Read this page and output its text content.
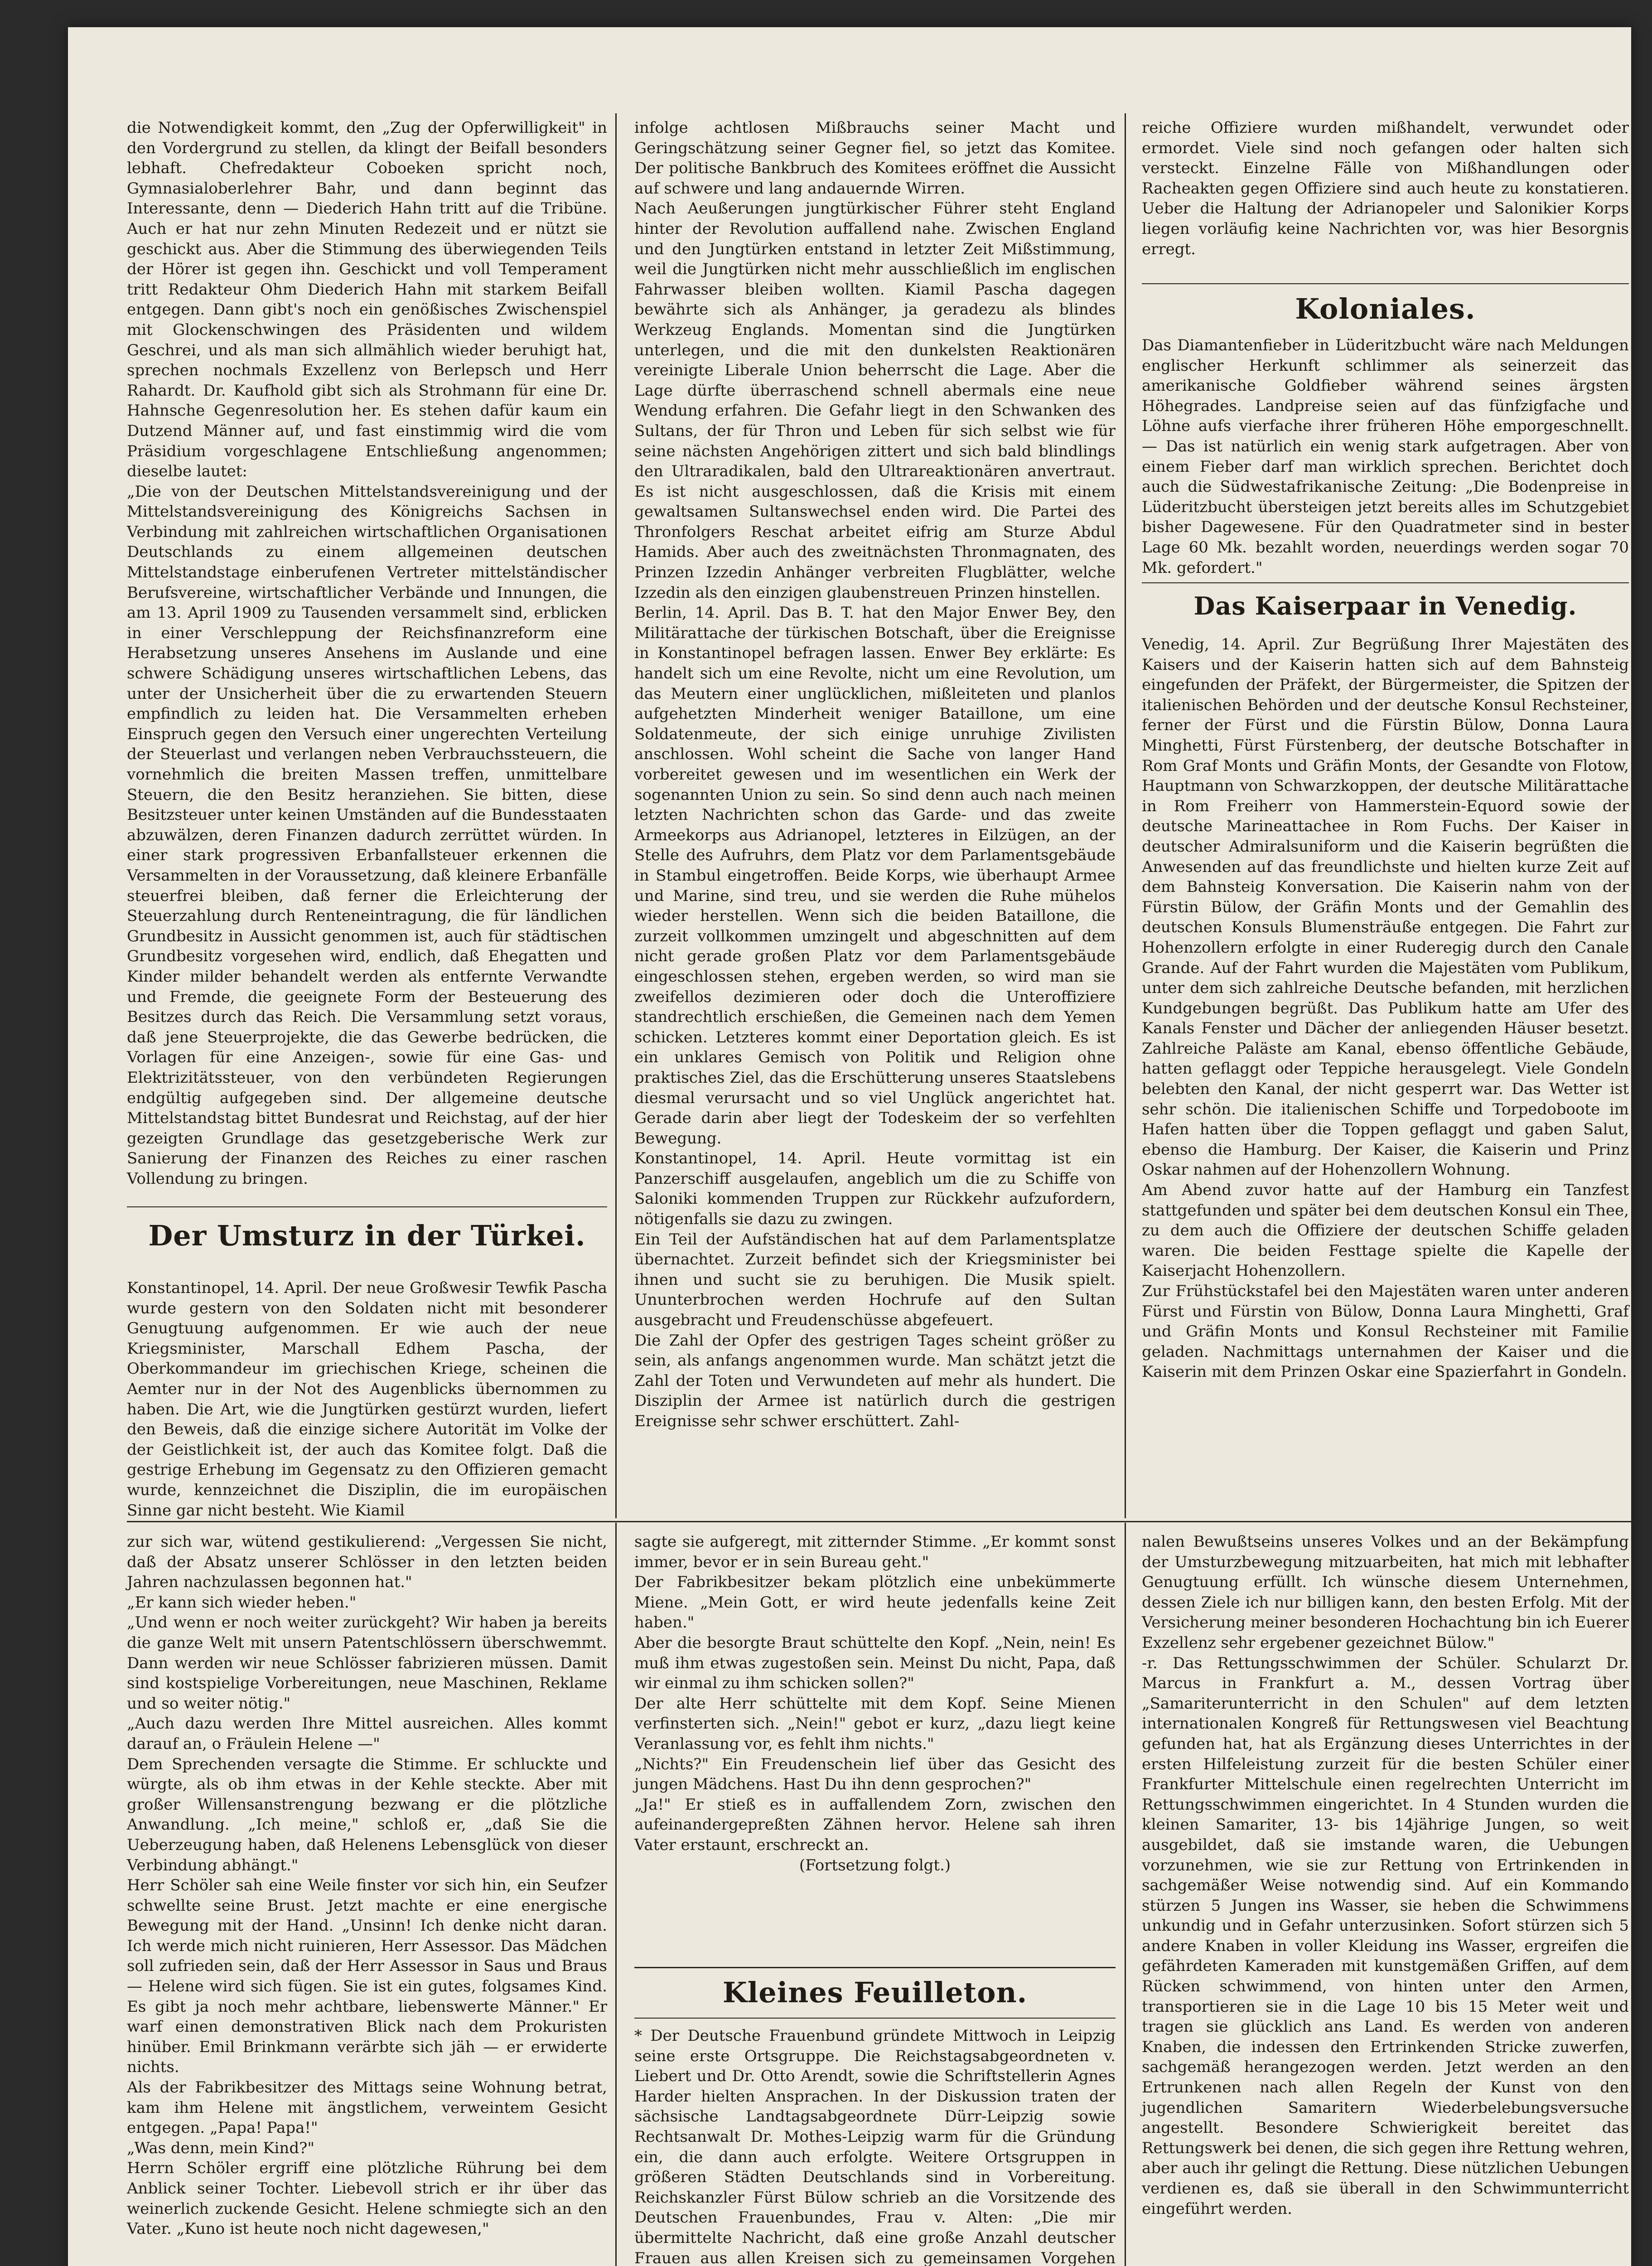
die Notwendigkeit kommt, den „Zug der Opferwilligkeit" in den Vordergrund zu stellen, da klingt der Beifall besonders lebhaft. Chefredakteur Coboeken spricht noch, Gymnasialoberlehrer Bahr, und dann beginnt das Interessante, denn — Diederich Hahn tritt auf die Tribüne. Auch er hat nur zehn Minuten Redezeit und er nützt sie geschickt aus. Aber die Stimmung des überwiegenden Teils der Hörer ist gegen ihn. Geschickt und voll Temperament tritt Redakteur Ohm Diederich Hahn mit starkem Beifall entgegen. Dann gibt's noch ein genößisches Zwischenspiel mit Glockenschwingen des Präsidenten und wildem Geschrei, und als man sich allmählich wieder beruhigt hat, sprechen nochmals Exzellenz von Berlepsch und Herr Rahardt. Dr. Kaufhold gibt sich als Strohmann für eine Dr. Hahnsche Gegenresolution her. Es stehen dafür kaum ein Dutzend Männer auf, und fast einstimmig wird die vom Präsidium vorgeschlagene Entschließung angenommen; dieselbe lautet:
„Die von der Deutschen Mittelstandsvereinigung und der Mittelstandsvereinigung des Königreichs Sachsen in Verbindung mit zahlreichen wirtschaftlichen Organisationen Deutschlands zu einem allgemeinen deutschen Mittelstandstage einberufenen Vertreter mittelständischer Berufsvereine, wirtschaftlicher Verbände und Innungen, die am 13. April 1909 zu Tausenden versammelt sind, erblicken in einer Verschleppung der Reichsfinanzreform eine Herabsetzung unseres Ansehens im Auslande und eine schwere Schädigung unseres wirtschaftlichen Lebens, das unter der Unsicherheit über die zu erwartenden Steuern empfindlich zu leiden hat. Die Versammelten erheben Einspruch gegen den Versuch einer ungerechten Verteilung der Steuerlast und verlangen neben Verbrauchssteuern, die vornehmlich die breiten Massen treffen, unmittelbare Steuern, die den Besitz heranziehen. Sie bitten, diese Besitzsteuer unter keinen Umständen auf die Bundesstaaten abzuwälzen, deren Finanzen dadurch zerrüttet würden. In einer stark progressiven Erbanfallsteuer erkennen die Versammelten in der Voraussetzung, daß kleinere Erbanfälle steuerfrei bleiben, daß ferner die Erleichterung der Steuerzahlung durch Renteneintragung, die für ländlichen Grundbesitz in Aussicht genommen ist, auch für städtischen Grundbesitz vorgesehen wird, endlich, daß Ehegatten und Kinder milder behandelt werden als entfernte Verwandte und Fremde, die geeignete Form der Besteuerung des Besitzes durch das Reich. Die Versammlung setzt voraus, daß jene Steuerprojekte, die das Gewerbe bedrücken, die Vorlagen für eine Anzeigen-, sowie für eine Gas- und Elektrizitätssteuer, von den verbündeten Regierungen endgültig aufgegeben sind. Der allgemeine deutsche Mittelstandstag bittet Bundesrat und Reichstag, auf der hier gezeigten Grundlage das gesetzgeberische Werk zur Sanierung der Finanzen des Reiches zu einer raschen Vollendung zu bringen.

Der Umsturz in der Türkei.

Konstantinopel, 14. April. Der neue Großwesir Tewfik Pascha wurde gestern von den Soldaten nicht mit besonderer Genugtuung aufgenommen. Er wie auch der neue Kriegsminister, Marschall Edhem Pascha, der Oberkommandeur im griechischen Kriege, scheinen die Aemter nur in der Not des Augenblicks übernommen zu haben. Die Art, wie die Jungtürken gestürzt wurden, liefert den Beweis, daß die einzige sichere Autorität im Volke der der Geistlichkeit ist, der auch das Komitee folgt. Daß die gestrige Erhebung im Gegensatz zu den Offizieren gemacht wurde, kennzeichnet die Disziplin, die im europäischen Sinne gar nicht besteht. Wie Kiamil

infolge achtlosen Mißbrauchs seiner Macht und Geringschätzung seiner Gegner fiel, so jetzt das Komitee. Der politische Bankbruch des Komitees eröffnet die Aussicht auf schwere und lang andauernde Wirren.
Nach Aeußerungen jungtürkischer Führer steht England hinter der Revolution auffallend nahe. Zwischen England und den Jungtürken entstand in letzter Zeit Mißstimmung, weil die Jungtürken nicht mehr ausschließlich im englischen Fahrwasser bleiben wollten. Kiamil Pascha dagegen bewährte sich als Anhänger, ja geradezu als blindes Werkzeug Englands. Momentan sind die Jungtürken unterlegen, und die mit den dunkelsten Reaktionären vereinigte Liberale Union beherrscht die Lage. Aber die Lage dürfte überraschend schnell abermals eine neue Wendung erfahren. Die Gefahr liegt in den Schwanken des Sultans, der für Thron und Leben für sich selbst wie für seine nächsten Angehörigen zittert und sich bald blindlings den Ultraradikalen, bald den Ultrareaktionären anvertraut. Es ist nicht ausgeschlossen, daß die Krisis mit einem gewaltsamen Sultanswechsel enden wird. Die Partei des Thronfolgers Reschat arbeitet eifrig am Sturze Abdul Hamids. Aber auch des zweitnächsten Thronmagnaten, des Prinzen Izzedin Anhänger verbreiten Flugblätter, welche Izzedin als den einzigen glaubenstreuen Prinzen hinstellen.
Berlin, 14. April. Das B. T. hat den Major Enwer Bey, den Militärattache der türkischen Botschaft, über die Ereignisse in Konstantinopel befragen lassen. Enwer Bey erklärte: Es handelt sich um eine Revolte, nicht um eine Revolution, um das Meutern einer unglücklichen, mißleiteten und planlos aufgehetzten Minderheit weniger Bataillone, um eine Soldatenmeute, der sich einige unruhige Zivilisten anschlossen. Wohl scheint die Sache von langer Hand vorbereitet gewesen und im wesentlichen ein Werk der sogenannten Union zu sein. So sind denn auch nach meinen letzten Nachrichten schon das Garde- und das zweite Armeekorps aus Adrianopel, letzteres in Eilzügen, an der Stelle des Aufruhrs, dem Platz vor dem Parlamentsgebäude in Stambul eingetroffen. Beide Korps, wie überhaupt Armee und Marine, sind treu, und sie werden die Ruhe mühelos wieder herstellen. Wenn sich die beiden Bataillone, die zurzeit vollkommen umzingelt und abgeschnitten auf dem nicht gerade großen Platz vor dem Parlamentsgebäude eingeschlossen stehen, ergeben werden, so wird man sie zweifellos dezimieren oder doch die Unteroffiziere standrechtlich erschießen, die Gemeinen nach dem Yemen schicken. Letzteres kommt einer Deportation gleich. Es ist ein unklares Gemisch von Politik und Religion ohne praktisches Ziel, das die Erschütterung unseres Staatslebens diesmal verursacht und so viel Unglück angerichtet hat. Gerade darin aber liegt der Todeskeim der so verfehlten Bewegung.
Konstantinopel, 14. April. Heute vormittag ist ein Panzerschiff ausgelaufen, angeblich um die zu Schiffe von Saloniki kommenden Truppen zur Rückkehr aufzufordern, nötigenfalls sie dazu zu zwingen.
Ein Teil der Aufständischen hat auf dem Parlamentsplatze übernachtet. Zurzeit befindet sich der Kriegsminister bei ihnen und sucht sie zu beruhigen. Die Musik spielt. Ununterbrochen werden Hochrufe auf den Sultan ausgebracht und Freudenschüsse abgefeuert.
Die Zahl der Opfer des gestrigen Tages scheint größer zu sein, als anfangs angenommen wurde. Man schätzt jetzt die Zahl der Toten und Verwundeten auf mehr als hundert. Die Disziplin der Armee ist natürlich durch die gestrigen Ereignisse sehr schwer erschüttert. Zahl-

reiche Offiziere wurden mißhandelt, verwundet oder ermordet. Viele sind noch gefangen oder halten sich versteckt. Einzelne Fälle von Mißhandlungen oder Racheakten gegen Offiziere sind auch heute zu konstatieren. Ueber die Haltung der Adrianopeler und Salonikier Korps liegen vorläufig keine Nachrichten vor, was hier Besorgnis erregt.

Koloniales.

Das Diamantenfieber in Lüderitzbucht wäre nach Meldungen englischer Herkunft schlimmer als seinerzeit das amerikanische Goldfieber während seines ärgsten Höhegrades. Landpreise seien auf das fünfzigfache und Löhne aufs vierfache ihrer früheren Höhe emporgeschnellt. — Das ist natürlich ein wenig stark aufgetragen. Aber von einem Fieber darf man wirklich sprechen. Berichtet doch auch die Südwestafrikanische Zeitung: „Die Bodenpreise in Lüderitzbucht übersteigen jetzt bereits alles im Schutzgebiet bisher Dagewesene. Für den Quadratmeter sind in bester Lage 60 Mk. bezahlt worden, neuerdings werden sogar 70 Mk. gefordert."

Das Kaiserpaar in Venedig.

Venedig, 14. April. Zur Begrüßung Ihrer Majestäten des Kaisers und der Kaiserin hatten sich auf dem Bahnsteig eingefunden der Präfekt, der Bürgermeister, die Spitzen der italienischen Behörden und der deutsche Konsul Rechsteiner, ferner der Fürst und die Fürstin Bülow, Donna Laura Minghetti, Fürst Fürstenberg, der deutsche Botschafter in Rom Graf Monts und Gräfin Monts, der Gesandte von Flotow, Hauptmann von Schwarzkoppen, der deutsche Militärattache in Rom Freiherr von Hammerstein-Equord sowie der deutsche Marineattachee in Rom Fuchs. Der Kaiser in deutscher Admiralsuniform und die Kaiserin begrüßten die Anwesenden auf das freundlichste und hielten kurze Zeit auf dem Bahnsteig Konversation. Die Kaiserin nahm von der Fürstin Bülow, der Gräfin Monts und der Gemahlin des deutschen Konsuls Blumensträuße entgegen. Die Fahrt zur Hohenzollern erfolgte in einer Ruderegig durch den Canale Grande. Auf der Fahrt wurden die Majestäten vom Publikum, unter dem sich zahlreiche Deutsche befanden, mit herzlichen Kundgebungen begrüßt. Das Publikum hatte am Ufer des Kanals Fenster und Dächer der anliegenden Häuser besetzt. Zahlreiche Paläste am Kanal, ebenso öffentliche Gebäude, hatten geflaggt oder Teppiche herausgelegt. Viele Gondeln belebten den Kanal, der nicht gesperrt war. Das Wetter ist sehr schön. Die italienischen Schiffe und Torpedoboote im Hafen hatten über die Toppen geflaggt und gaben Salut, ebenso die Hamburg. Der Kaiser, die Kaiserin und Prinz Oskar nahmen auf der Hohenzollern Wohnung.
Am Abend zuvor hatte auf der Hamburg ein Tanzfest stattgefunden und später bei dem deutschen Konsul ein Thee, zu dem auch die Offiziere der deutschen Schiffe geladen waren. Die beiden Festtage spielte die Kapelle der Kaiserjacht Hohenzollern.
Zur Frühstückstafel bei den Majestäten waren unter anderen Fürst und Fürstin von Bülow, Donna Laura Minghetti, Graf und Gräfin Monts und Konsul Rechsteiner mit Familie geladen. Nachmittags unternahmen der Kaiser und die Kaiserin mit dem Prinzen Oskar eine Spazierfahrt in Gondeln.

zur sich war, wütend gestikulierend: „Vergessen Sie nicht, daß der Absatz unserer Schlösser in den letzten beiden Jahren nachzulassen begonnen hat."
„Er kann sich wieder heben."
„Und wenn er noch weiter zurückgeht? Wir haben ja bereits die ganze Welt mit unsern Patentschlössern überschwemmt. Dann werden wir neue Schlösser fabrizieren müssen. Damit sind kostspielige Vorbereitungen, neue Maschinen, Reklame und so weiter nötig."
„Auch dazu werden Ihre Mittel ausreichen. Alles kommt darauf an, o Fräulein Helene —"
Dem Sprechenden versagte die Stimme. Er schluckte und würgte, als ob ihm etwas in der Kehle steckte. Aber mit großer Willensanstrengung bezwang er die plötzliche Anwandlung. „Ich meine," schloß er, „daß Sie die Ueberzeugung haben, daß Helenens Lebensglück von dieser Verbindung abhängt."
Herr Schöler sah eine Weile finster vor sich hin, ein Seufzer schwellte seine Brust. Jetzt machte er eine energische Bewegung mit der Hand. „Unsinn! Ich denke nicht daran. Ich werde mich nicht ruinieren, Herr Assessor. Das Mädchen soll zufrieden sein, daß der Herr Assessor in Saus und Braus — Helene wird sich fügen. Sie ist ein gutes, folgsames Kind. Es gibt ja noch mehr achtbare, liebenswerte Männer." Er warf einen demonstrativen Blick nach dem Prokuristen hinüber. Emil Brinkmann verärbte sich jäh — er erwiderte nichts.
Als der Fabrikbesitzer des Mittags seine Wohnung betrat, kam ihm Helene mit ängstlichem, verweintem Gesicht entgegen. „Papa! Papa!"
„Was denn, mein Kind?"
Herrn Schöler ergriff eine plötzliche Rührung bei dem Anblick seiner Tochter. Liebevoll strich er ihr über das weinerlich zuckende Gesicht. Helene schmiegte sich an den Vater. „Kuno ist heute noch nicht dagewesen,"

sagte sie aufgeregt, mit zitternder Stimme. „Er kommt sonst immer, bevor er in sein Bureau geht."
Der Fabrikbesitzer bekam plötzlich eine unbekümmerte Miene. „Mein Gott, er wird heute jedenfalls keine Zeit haben."
Aber die besorgte Braut schüttelte den Kopf. „Nein, nein! Es muß ihm etwas zugestoßen sein. Meinst Du nicht, Papa, daß wir einmal zu ihm schicken sollen?"
Der alte Herr schüttelte mit dem Kopf. Seine Mienen verfinsterten sich. „Nein!" gebot er kurz, „dazu liegt keine Veranlassung vor, es fehlt ihm nichts."
„Nichts?" Ein Freudenschein lief über das Gesicht des jungen Mädchens. Hast Du ihn denn gesprochen?"
„Ja!" Er stieß es in auffallendem Zorn, zwischen den aufeinandergepreßten Zähnen hervor. Helene sah ihren Vater erstaunt, erschreckt an.

(Fortsetzung folgt.)

Kleines Feuilleton.

* Der Deutsche Frauenbund gründete Mittwoch in Leipzig seine erste Ortsgruppe. Die Reichstagsabgeordneten v. Liebert und Dr. Otto Arendt, sowie die Schriftstellerin Agnes Harder hielten Ansprachen. In der Diskussion traten der sächsische Landtagsabgeordnete Dürr-Leipzig sowie Rechtsanwalt Dr. Mothes-Leipzig warm für die Gründung ein, die dann auch erfolgte. Weitere Ortsgruppen in größeren Städten Deutschlands sind in Vorbereitung. Reichskanzler Fürst Bülow schrieb an die Vorsitzende des Deutschen Frauenbundes, Frau v. Alten: „Die mir übermittelte Nachricht, daß eine große Anzahl deutscher Frauen aus allen Kreisen sich zu gemeinsamen Vorgehen

nalen Bewußtseins unseres Volkes und an der Bekämpfung der Umsturzbewegung mitzuarbeiten, hat mich mit lebhafter Genugtuung erfüllt. Ich wünsche diesem Unternehmen, dessen Ziele ich nur billigen kann, den besten Erfolg. Mit der Versicherung meiner besonderen Hochachtung bin ich Euerer Exzellenz sehr ergebener gezeichnet Bülow."
-r. Das Rettungsschwimmen der Schüler. Schularzt Dr. Marcus in Frankfurt a. M., dessen Vortrag über „Samariterunterricht in den Schulen" auf dem letzten internationalen Kongreß für Rettungswesen viel Beachtung gefunden hat, hat als Ergänzung dieses Unterrichtes in der ersten Hilfeleistung zurzeit für die besten Schüler einer Frankfurter Mittelschule einen regelrechten Unterricht im Rettungsschwimmen eingerichtet. In 4 Stunden wurden die kleinen Samariter, 13- bis 14jährige Jungen, so weit ausgebildet, daß sie imstande waren, die Uebungen vorzunehmen, wie sie zur Rettung von Ertrinkenden in sachgemäßer Weise notwendig sind. Auf ein Kommando stürzen 5 Jungen ins Wasser, sie heben die Schwimmens unkundig und in Gefahr unterzusinken. Sofort stürzen sich 5 andere Knaben in voller Kleidung ins Wasser, ergreifen die gefährdeten Kameraden mit kunstgemäßen Griffen, auf dem Rücken schwimmend, von hinten unter den Armen, transportieren sie in die Lage 10 bis 15 Meter weit und tragen sie glücklich ans Land. Es werden von anderen Knaben, die indessen den Ertrinkenden Stricke zuwerfen, sachgemäß herangezogen werden. Jetzt werden an den Ertrunkenen nach allen Regeln der Kunst von den jugendlichen Samaritern Wiederbelebungsversuche angestellt. Besondere Schwierigkeit bereitet das Rettungswerk bei denen, die sich gegen ihre Rettung wehren, aber auch ihr gelingt die Rettung. Diese nützlichen Uebungen verdienen es, daß sie überall in den Schwimmunterricht eingeführt werden.
